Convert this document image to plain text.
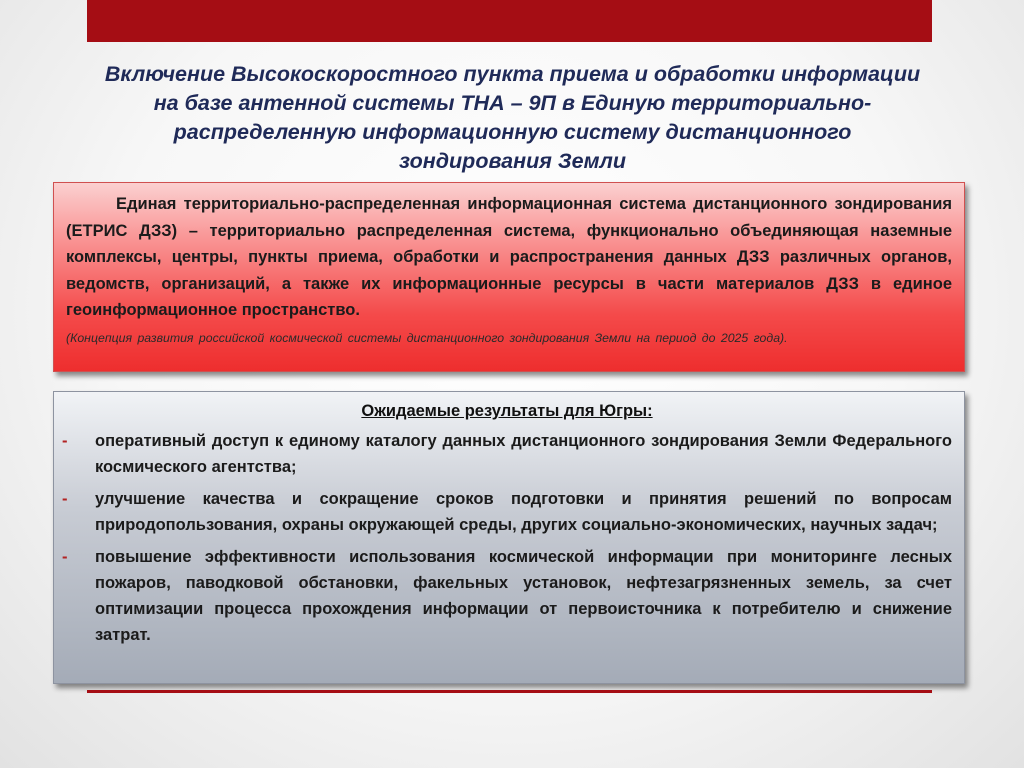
Включение Высокоскоростного пункта приема и обработки информации на базе антенной системы ТНА – 9П в Единую территориально-распределенную информационную систему дистанционного зондирования Земли

Единая территориально-распределенная информационная система дистанционного зондирования (ЕТРИС ДЗЗ) – территориально распределенная система, функционально объединяющая наземные комплексы, центры, пункты приема, обработки и распространения данных ДЗЗ различных органов, ведомств, организаций, а также их информационные ресурсы в части материалов ДЗЗ в единое геоинформационное пространство.

(Концепция развития российской космической системы дистанционного зондирования Земли на период до 2025 года).

Ожидаемые результаты для Югры:
- оперативный доступ к единому каталогу данных дистанционного зондирования Земли Федерального космического агентства;
- улучшение качества и сокращение сроков подготовки и принятия решений по вопросам природопользования, охраны окружающей среды, других социально-экономических, научных задач;
- повышение эффективности использования космической информации при мониторинге лесных пожаров, паводковой обстановки, факельных установок, нефтезагрязненных земель, за счет оптимизации процесса прохождения информации от первоисточника к потребителю и снижение затрат.
